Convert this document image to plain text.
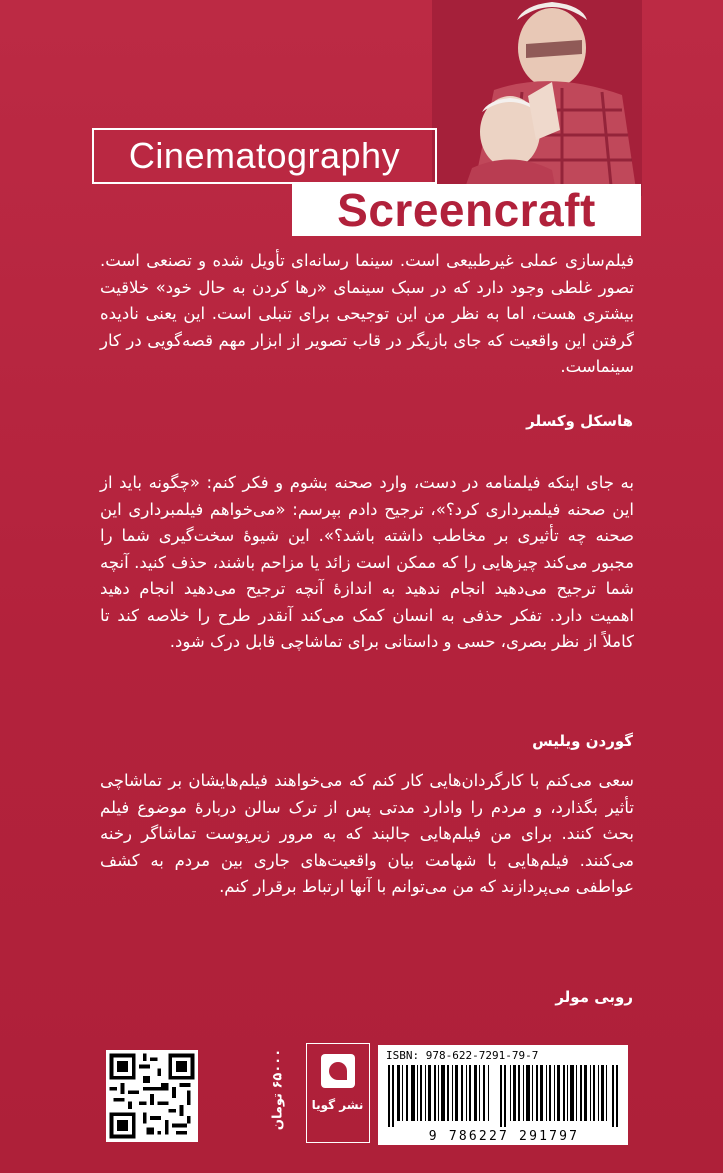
Cinematography
Screencraft
فیلم‌سازی عملی غیرطبیعی است. سینما رسانه‌ای تأویل شده و تصنعی است. تصور غلطی وجود دارد که در سبک سینمای «رها کردن به حال خود» خلاقیت بیشتری هست، اما به نظر من این توجیحی برای تنبلی است. این یعنی نادیده گرفتن این واقعیت که جای بازیگر در قاب تصویر از ابزار مهم قصه‌گویی در کار سینماست.
هاسکل وکسلر
به جای اینکه فیلمنامه در دست، وارد صحنه بشوم و فکر کنم: «چگونه باید از این صحنه فیلمبرداری کرد؟»، ترجیح دادم بپرسم: «می‌خواهم فیلمبرداری این صحنه چه تأثیری بر مخاطب داشته باشد؟». این شیوهٔ سخت‌گیری شما را مجبور می‌کند چیزهایی را که ممکن است زائد یا مزاحم باشند، حذف کنید. آنچه شما ترجیح می‌دهید انجام ندهید به اندازهٔ آنچه ترجیح می‌دهید انجام دهید اهمیت دارد. تفکر حذفی به انسان کمک می‌کند آنقدر طرح را خلاصه کند تا کاملاً از نظر بصری، حسی و داستانی برای تماشاچی قابل درک شود.
گوردن ویلیس
سعی می‌کنم با کارگردان‌هایی کار کنم که می‌خواهند فیلم‌هایشان بر تماشاچی تأثیر بگذارد، و مردم را وادارد مدتی پس از ترک سالن دربارهٔ موضوع فیلم بحث کنند. برای من فیلم‌هایی جالبند که به مرور زیرپوست تماشاگر رخنه می‌کنند. فیلم‌هایی با شهامت بیان واقعیت‌های جاری بین مردم به کشف عواطفی می‌پردازند که من می‌توانم با آنها ارتباط برقرار کنم.
روبی مولر
۶۵۰۰۰ تومان
نشر گویا
ISBN: 978-622-7291-79-7
9 786227 291797
